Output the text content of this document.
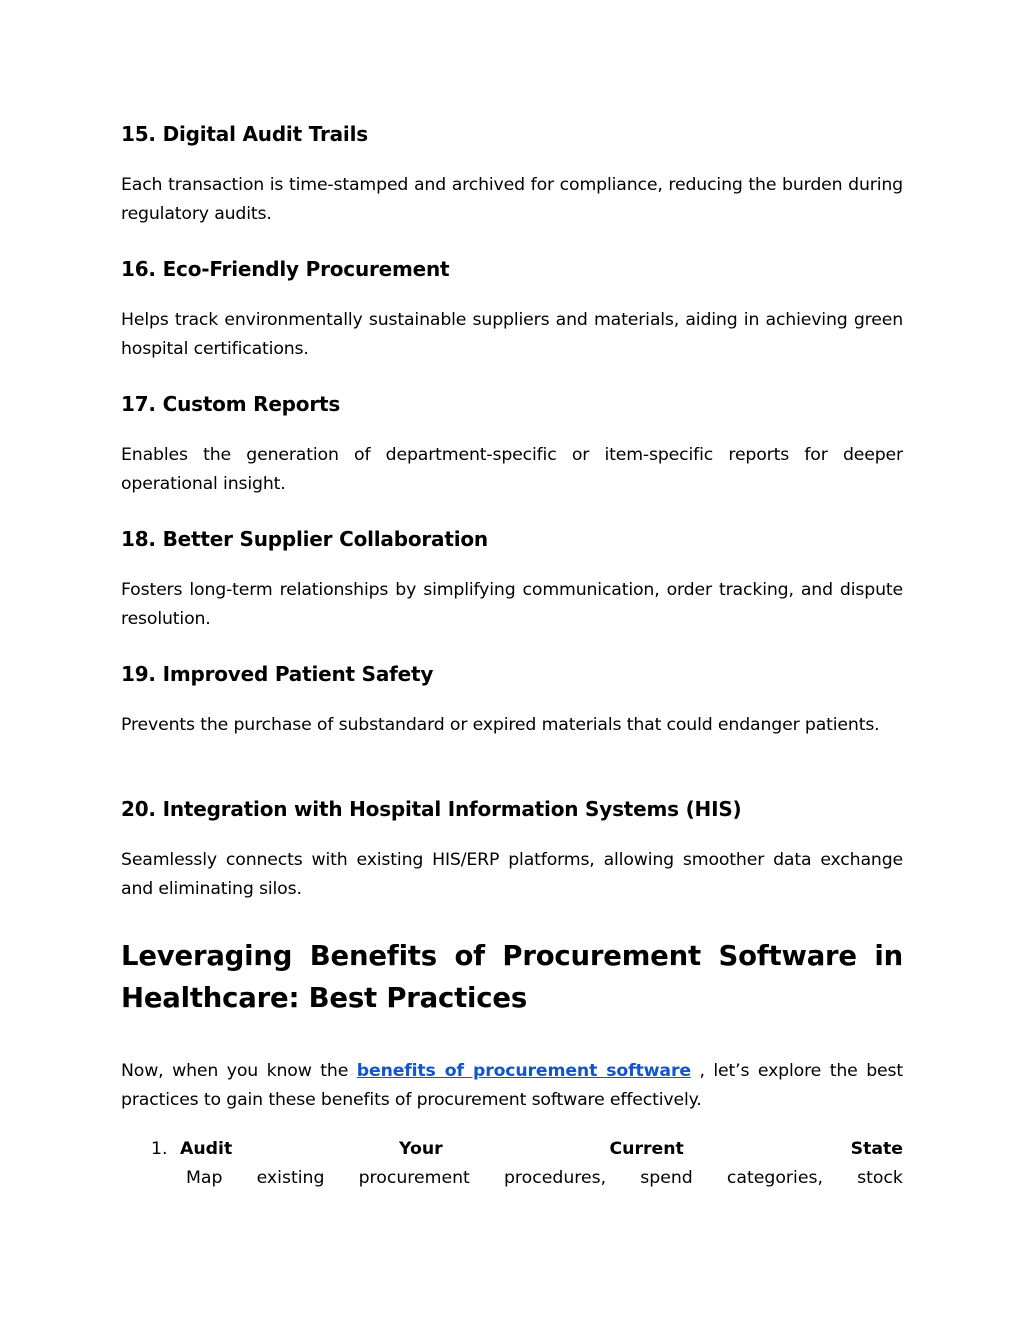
15. Digital Audit Trails

Each transaction is time-stamped and archived for compliance, reducing the burden during regulatory audits.

16. Eco-Friendly Procurement

Helps track environmentally sustainable suppliers and materials, aiding in achieving green hospital certifications.

17. Custom Reports

Enables the generation of department-specific or item-specific reports for deeper operational insight.

18. Better Supplier Collaboration

Fosters long-term relationships by simplifying communication, order tracking, and dispute resolution.

19. Improved Patient Safety

Prevents the purchase of substandard or expired materials that could endanger patients.

20. Integration with Hospital Information Systems (HIS)

Seamlessly connects with existing HIS/ERP platforms, allowing smoother data exchange and eliminating silos.

Leveraging Benefits of Procurement Software in Healthcare: Best Practices

Now, when you know the benefits of procurement software , let’s explore the best practices to gain these benefits of procurement software effectively.

1. Audit	Your	Current	State
Map existing procurement procedures, spend categories, stock
